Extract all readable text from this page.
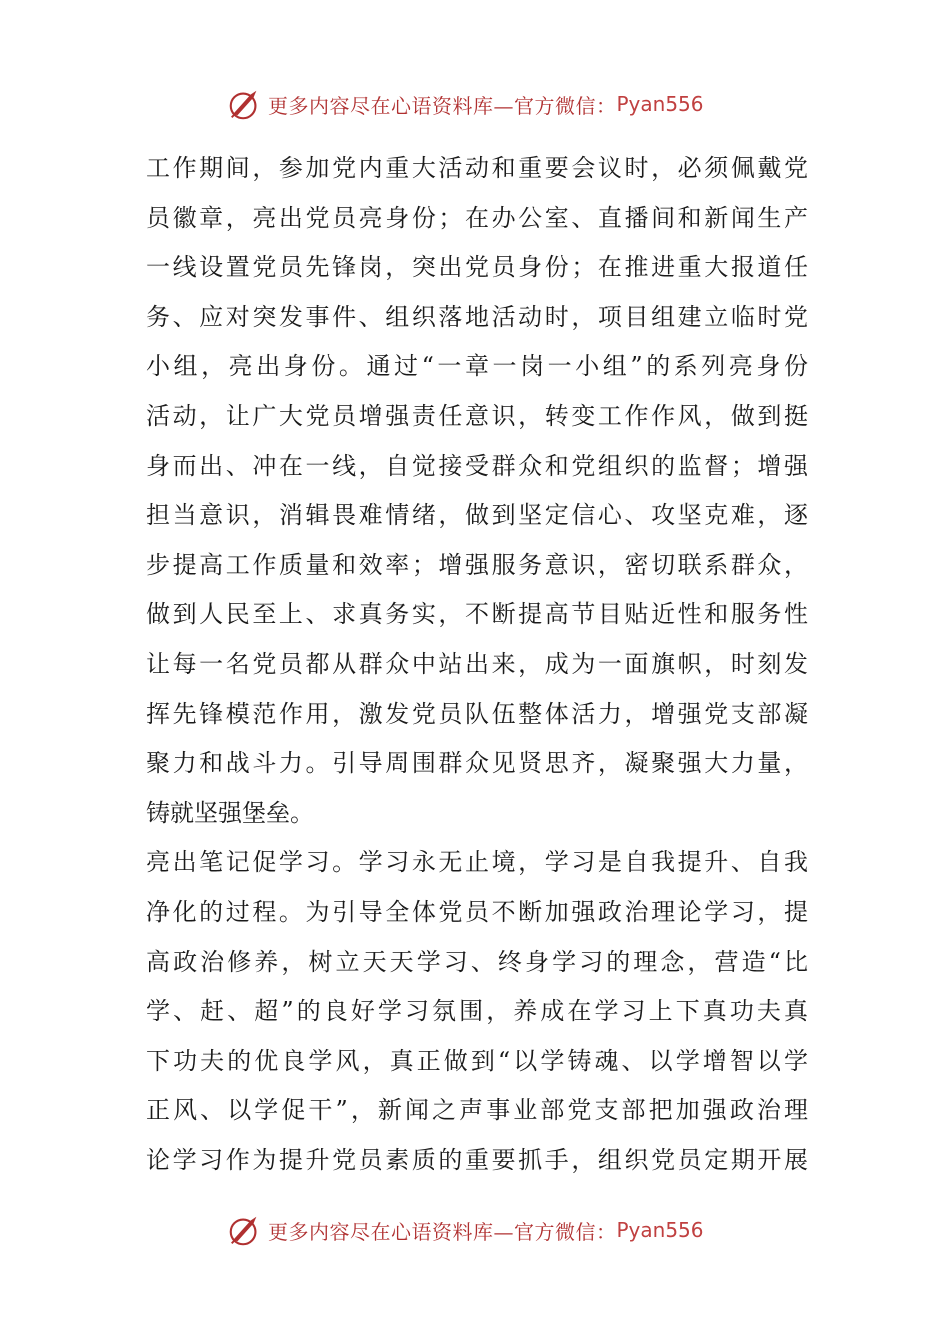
更多内容尽在心语资料库—官方微信： Pyan556
工作期间，参加党内重大活动和重要会议时，必须佩戴党
员徽章，亮出党员亮身份；在办公室、直播间和新闻生产
一线设置党员先锋岗，突出党员身份；在推进重大报道任
务、应对突发事件、组织落地活动时，项目组建立临时党
小组，亮出身份。通过“一章一岗一小组”的系列亮身份
活动，让广大党员增强责任意识，转变工作作风，做到挺
身而出、冲在一线，自觉接受群众和党组织的监督；增强
担当意识，消辑畏难情绪，做到坚定信心、攻坚克难，逐
步提高工作质量和效率；增强服务意识，密切联系群众，
做到人民至上、求真务实，不断提高节目贴近性和服务性
让每一名党员都从群众中站出来，成为一面旗帜，时刻发
挥先锋模范作用，激发党员队伍整体活力，增强党支部凝
聚力和战斗力。引导周围群众见贤思齐，凝聚强大力量，
铸就坚强堡垒。
亮出笔记促学习。学习永无止境，学习是自我提升、自我
净化的过程。为引导全体党员不断加强政治理论学习，提
高政治修养，树立天天学习、终身学习的理念，营造“比
学、赶、超”的良好学习氛围，养成在学习上下真功夫真
下功夫的优良学风，真正做到“以学铸魂、以学增智以学
正风、以学促干”，新闻之声事业部党支部把加强政治理
论学习作为提升党员素质的重要抓手，组织党员定期开展
更多内容尽在心语资料库—官方微信： Pyan556
